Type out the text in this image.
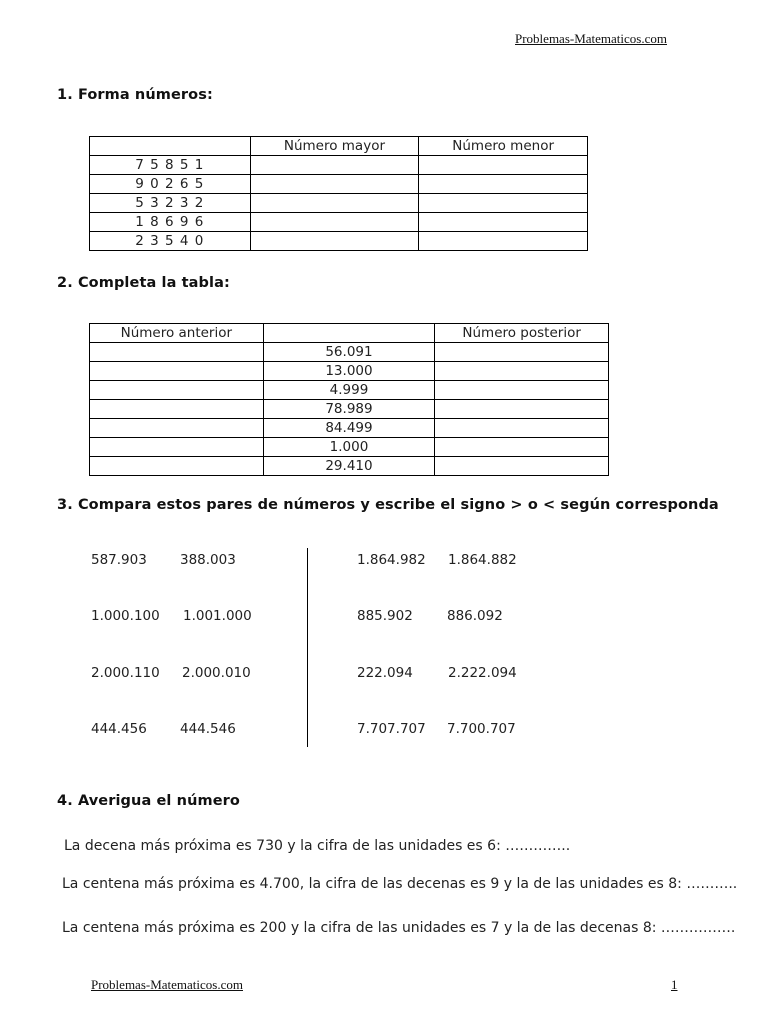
Problemas-Matematicos.com
1. Forma números:
	Número mayor	Número menor
7 5 8 5 1		
9 0 2 6 5		
5 3 2 3 2		
1 8 6 9 6		
2 3 5 4 0		
2. Completa la tabla:
Número anterior		Número posterior
	56.091	
	13.000	
	4.999	
	78.989	
	84.499	
	1.000	
	29.410	
3. Compara estos pares de números y escribe el signo > o < según corresponda
587.903 388.003
1.000.100 1.001.000
2.000.110 2.000.010
444.456 444.546
1.864.982 1.864.882
885.902	886.092
222.094	2.222.094
7.707.707 7.700.707
4. Averigua el número
La decena más próxima es 730 y la cifra de las unidades es 6: …………..
La centena más próxima es 4.700, la cifra de las decenas es 9 y la de las unidades es 8: ………..
La centena más próxima es 200 y la cifra de las unidades es 7 y la de las decenas 8: …………….
Problemas-Matematicos.com	1
